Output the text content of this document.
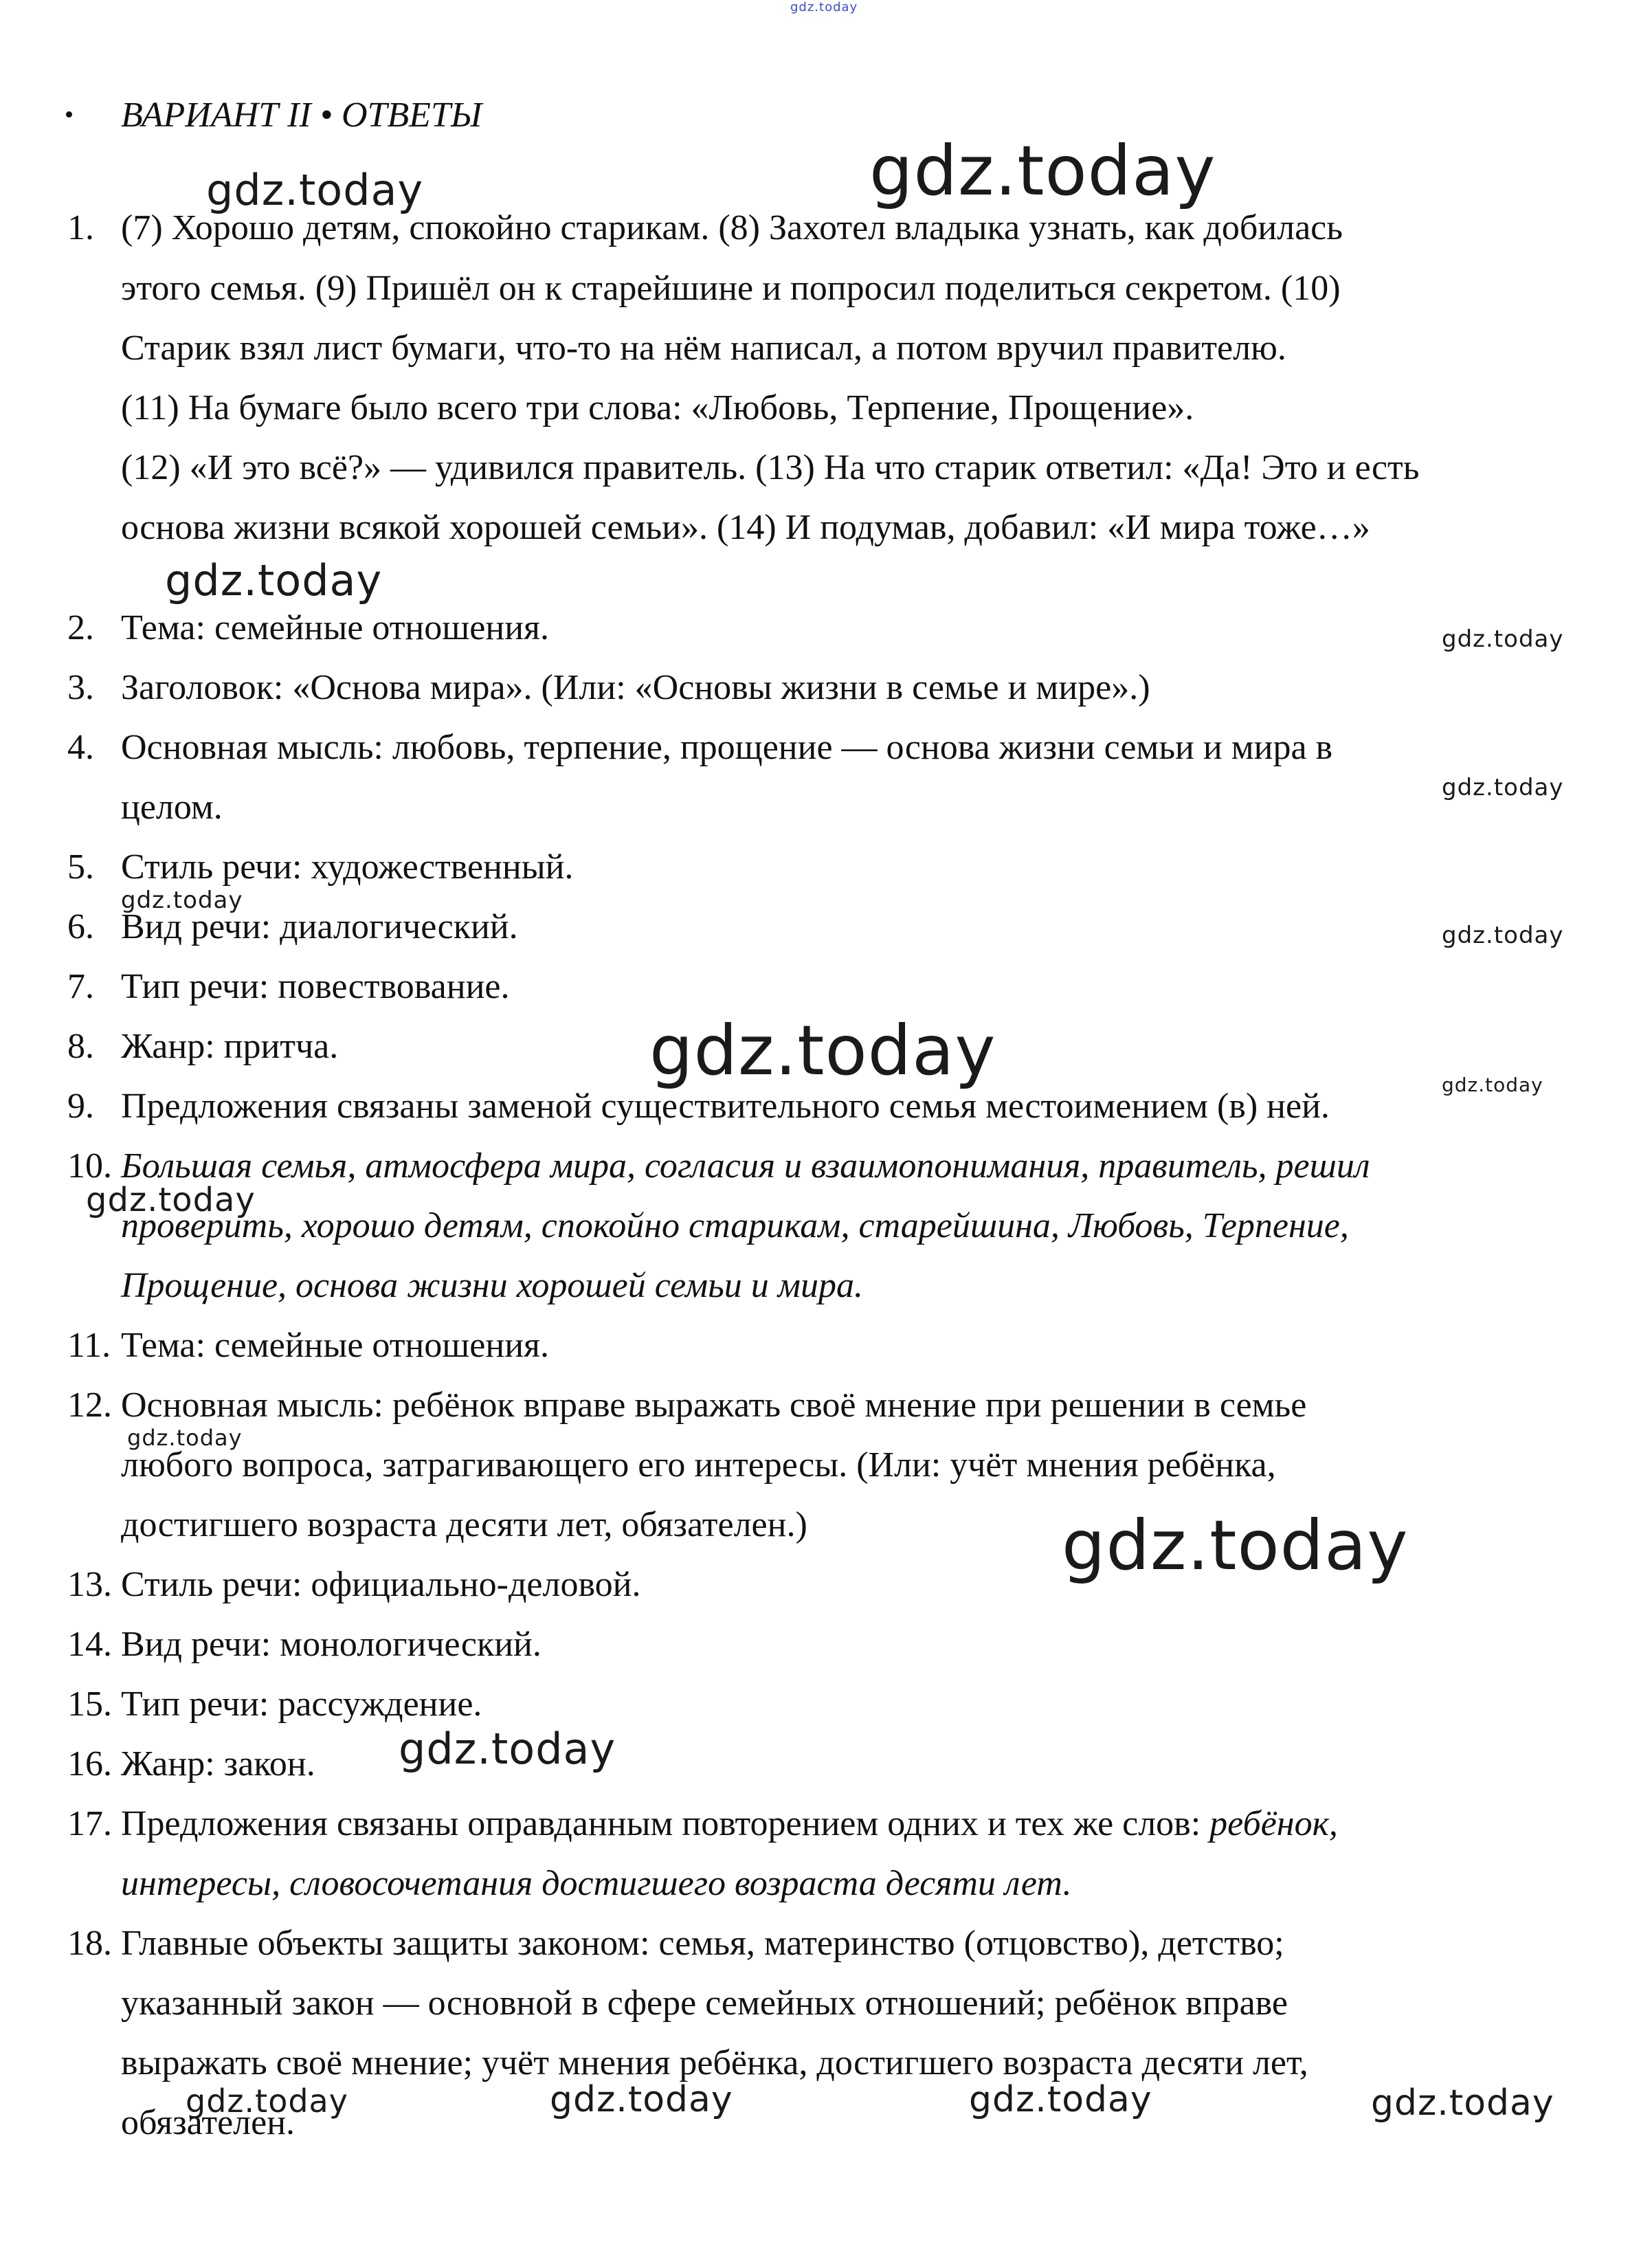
gdz.today
ВАРИАНТ II • ОТВЕТЫ
1. (7) Хорошо детям, спокойно старикам. (8) Захотел владыка узнать, как добилась
этого семья. (9) Пришёл он к старейшине и попросил поделиться секретом. (10)
Старик взял лист бумаги, что-то на нём написал, а потом вручил правителю.
(11) На бумаге было всего три слова: «Любовь, Терпение, Прощение».
(12) «И это всё?» — удивился правитель. (13) На что старик ответил: «Да! Это и есть
основа жизни всякой хорошей семьи». (14) И подумав, добавил: «И мира тоже…»
2. Тема: семейные отношения.
3. Заголовок: «Основа мира». (Или: «Основы жизни в семье и мире».)
4. Основная мысль: любовь, терпение, прощение — основа жизни семьи и мира в
целом.
5. Стиль речи: художественный.
6. Вид речи: диалогический.
7. Тип речи: повествование.
8. Жанр: притча.
9. Предложения связаны заменой существительного семья местоимением (в) ней.
10. Большая семья, атмосфера мира, согласия и взаимопонимания, правитель, решил
проверить, хорошо детям, спокойно старикам, старейшина, Любовь, Терпение,
Прощение, основа жизни хорошей семьи и мира.
11. Тема: семейные отношения.
12. Основная мысль: ребёнок вправе выражать своё мнение при решении в семье
любого вопроса, затрагивающего его интересы. (Или: учёт мнения ребёнка,
достигшего возраста десяти лет, обязателен.)
13. Стиль речи: официально-деловой.
14. Вид речи: монологический.
15. Тип речи: рассуждение.
16. Жанр: закон.
17. Предложения связаны оправданным повторением одних и тех же слов: ребёнок,
интересы, словосочетания достигшего возраста десяти лет.
18. Главные объекты защиты законом: семья, материнство (отцовство), детство;
указанный закон — основной в сфере семейных отношений; ребёнок вправе
выражать своё мнение; учёт мнения ребёнка, достигшего возраста десяти лет,
обязателен.
gdz.today
gdz.today
gdz.today
gdz.today
gdz.today
gdz.today
gdz.today
gdz.today	gdz.today
gdz.today
gdz.today
gdz.today
gdz.today
gdz.today	gdz.today	gdz.today	gdz.today
